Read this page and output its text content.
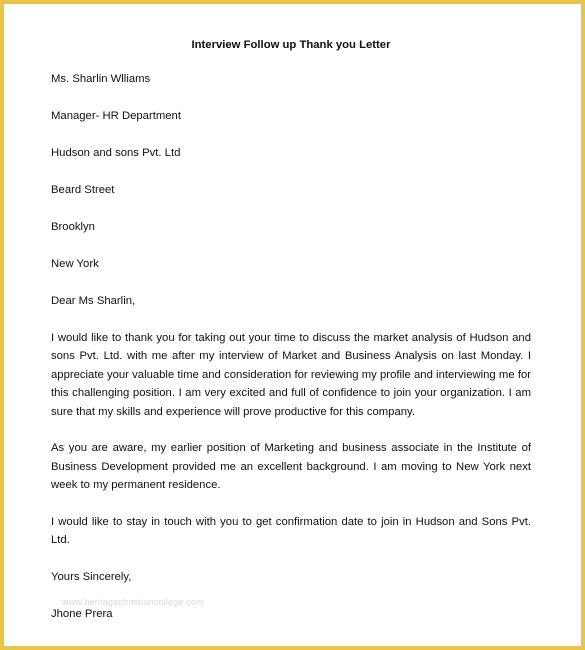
Interview Follow up Thank you Letter
Ms. Sharlin Wlliams
Manager- HR Department
Hudson and sons Pvt. Ltd
Beard Street
Brooklyn
New York
Dear Ms Sharlin,

I would like to thank you for taking out your time to discuss the market analysis of Hudson and sons Pvt. Ltd. with me after my interview of Market and Business Analysis on last Monday. I appreciate your valuable time and consideration for reviewing my profile and interviewing me for this challenging position. I am very excited and full of confidence to join your organization. I am sure that my skills and experience will prove productive for this company.

As you are aware, my earlier position of Marketing and business associate in the Institute of Business Development provided me an excellent background. I am moving to New York next week to my permanent residence.

I would like to stay in touch with you to get confirmation date to join in Hudson and Sons Pvt. Ltd.

Yours Sincerely,
Jhone Prera
www.heritagechristiancollege.com
